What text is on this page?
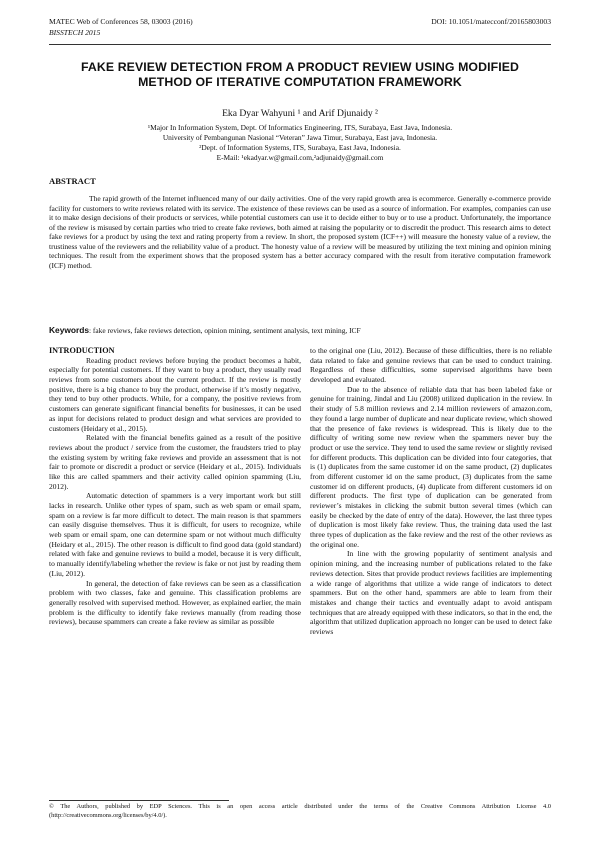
MATEC Web of Conferences 58, 03003 (2016)
BISSTECH 2015
DOI: 10.1051/matecconf/20165803003
FAKE REVIEW DETECTION FROM A PRODUCT REVIEW USING MODIFIED METHOD OF ITERATIVE COMPUTATION FRAMEWORK
Eka Dyar Wahyuni ¹ and Arif Djunaidy ²
¹Major In Information System, Dept. Of Informatics Engineering, ITS, Surabaya, East Java, Indonesia.
University of Pembangunan Nasional “Veteran” Jawa Timur, Surabaya, East java, Indonesia.
²Dept. of Information Systems, ITS, Surabaya, East Java, Indonesia.
E-Mail: ¹ekadyar.w@gmail.com,²adjunaidy@gmail.com
ABSTRACT
The rapid growth of the Internet influenced many of our daily activities. One of the very rapid growth area is ecommerce. Generally e-commerce provide facility for customers to write reviews related with its service. The existence of these reviews can be used as a source of information. For examples, companies can use it to make design decisions of their products or services, while potential customers can use it to decide either to buy or to use a product. Unfortunately, the importance of the review is misused by certain parties who tried to create fake reviews, both aimed at raising the popularity or to discredit the product. This research aims to detect fake reviews for a product by using the text and rating property from a review. In short, the proposed system (ICF++) will measure the honesty value of a review, the trustiness value of the reviewers and the reliability value of a product. The honesty value of a review will be measured by utilizing the text mining and opinion mining techniques. The result from the experiment shows that the proposed system has a better accuracy compared with the result from iterative computation framework (ICF) method.
Keywords: fake reviews, fake reviews detection, opinion mining, sentiment analysis, text mining, ICF
INTRODUCTION

Reading product reviews before buying the product becomes a habit, especially for potential customers. If they want to buy a product, they usually read reviews from some customers about the current product. If the review is mostly positive, there is a big chance to buy the product, otherwise if it’s mostly negative, they tend to buy other products. While, for a company, the positive reviews from customers can generate significant financial benefits for businesses, it can be used as input for decisions related to product design and what services are provided to customers (Heidary et al., 2015).

Related with the financial benefits gained as a result of the positive reviews about the product / service from the customer, the fraudsters tried to play the existing system by writing fake reviews and provide an assessment that is not fair to promote or discredit a product or service (Heidary et al., 2015). Individuals like this are called spammers and their activity called opinion spamming (Liu, 2012).

Automatic detection of spammers is a very important work but still lacks in research. Unlike other types of spam, such as web spam or email spam, spam on a review is far more difficult to detect. The main reason is that spammers can easily disguise themselves. Thus it is difficult, for users to recognize, while web spam or email spam, one can determine spam or not without much difficulty (Heidary et al., 2015). The other reason is difficult to find good data (gold standard) related with fake and genuine reviews to build a model, because it is very difficult, to manually identify/labeling whether the review is fake or not just by reading them (Liu, 2012).

In general, the detection of fake reviews can be seen as a classification problem with two classes, fake and genuine. This classification problems are generally resolved with supervised method. However, as explained earlier, the main problem is the difficulty to identify fake reviews manually (from reading those reviews), because spammers can create a fake review as similar as possible

to the original one (Liu, 2012). Because of these difficulties, there is no reliable data related to fake and genuine reviews that can be used to conduct training. Regardless of these difficulties, some supervised algorithms have been developed and evaluated.

Due to the absence of reliable data that has been labeled fake or genuine for training, Jindal and Liu (2008) utilized duplication in the review. In their study of 5.8 million reviews and 2.14 million reviewers of amazon.com, they found a large number of duplicate and near duplicate review, which showed that the presence of fake reviews is widespread. This is likely due to the difficulty of writing some new review when the spammers never buy the product or use the service. They tend to used the same review or slightly revised for different products. This duplication can be divided into four categories, that is (1) duplicates from the same customer id on the same product, (2) duplicates from different customer id on the same product, (3) duplicates from the same customer id on different products, (4) duplicate from different customers id on different products. The first type of duplication can be generated from reviewer’s mistakes in clicking the submit button several times (which can easily be checked by the date of entry of the data). However, the last three types of duplication is most likely fake review. Thus, the training data used the last three types of duplication as the fake review and the rest of the other reviews as the original one.

In line with the growing popularity of sentiment analysis and opinion mining, and the increasing number of publications related to the fake reviews detection. Sites that provide product reviews facilities are implementing a wide range of algorithms that utilize a wide range of indicators to detect spammers. But on the other hand, spammers are able to learn from their mistakes and change their tactics and eventually adapt to avoid antispam techniques that are already equipped with these indicators, so that in the end, the algorithm that utilized duplication approach no longer can be used to detect fake reviews

© The Authors, published by EDP Sciences. This is an open access article distributed under the terms of the Creative Commons Attribution License 4.0 (http://creativecommons.org/licenses/by/4.0/).
